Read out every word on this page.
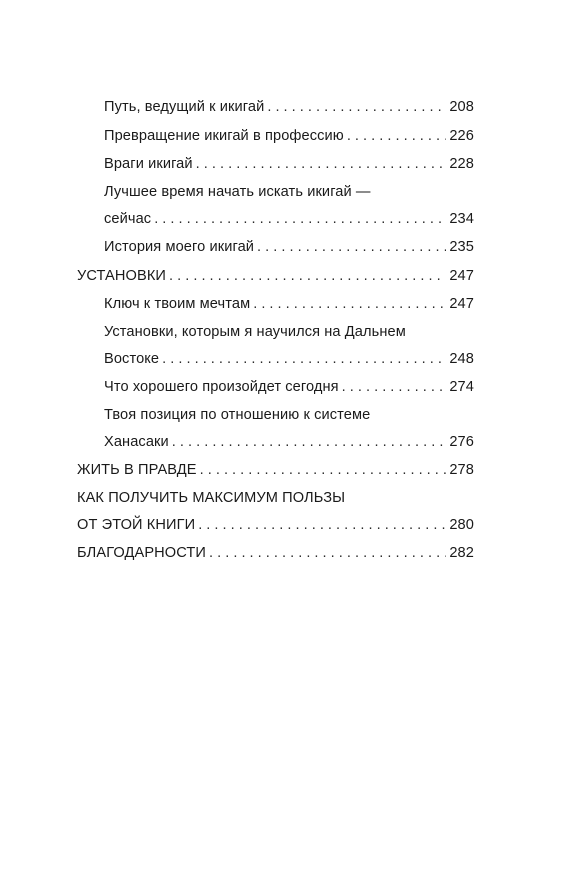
Путь, ведущий к икигай . . .	208
Превращение икигай в профессию . . .	226
Враги икигай . . .	228
Лучшее время начать искать икигай —
сейчас . . .	234
История моего икигай . . .	235
УСТАНОВКИ . . .	247
Ключ к твоим мечтам . . .	247
Установки, которым я научился на Дальнем
Востоке . . .	248
Что хорошего произойдет сегодня . . .	274
Твоя позиция по отношению к системе
Ханасаки . . .	276
ЖИТЬ В ПРАВДЕ . . .	278
КАК ПОЛУЧИТЬ МАКСИМУМ ПОЛЬЗЫ
ОТ ЭТОЙ КНИГИ . . .	280
БЛАГОДАРНОСТИ . . .	282
